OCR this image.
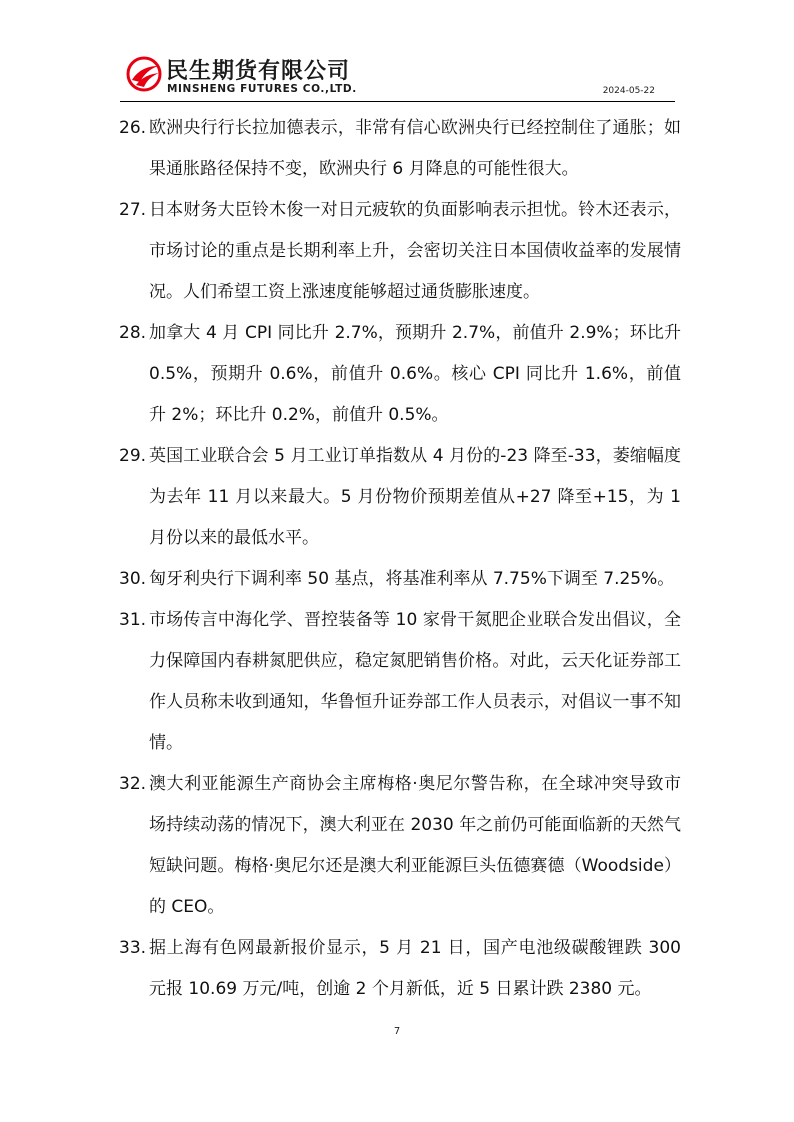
民生期货有限公司
MINSHENG FUTURES CO.,LTD.	2024-05-22
26. 欧洲央行行长拉加德表示，非常有信心欧洲央行已经控制住了通胀；如果通胀路径保持不变，欧洲央行 6 月降息的可能性很大。
27. 日本财务大臣铃木俊一对日元疲软的负面影响表示担忧。铃木还表示，市场讨论的重点是长期利率上升，会密切关注日本国债收益率的发展情况。人们希望工资上涨速度能够超过通货膨胀速度。
28. 加拿大 4 月 CPI 同比升 2.7%，预期升 2.7%，前值升 2.9%；环比升 0.5%，预期升 0.6%，前值升 0.6%。核心 CPI 同比升 1.6%，前值升 2%；环比升 0.2%，前值升 0.5%。
29. 英国工业联合会 5 月工业订单指数从 4 月份的-23 降至-33，萎缩幅度为去年 11 月以来最大。5 月份物价预期差值从+27 降至+15，为 1 月份以来的最低水平。
30. 匈牙利央行下调利率 50 基点，将基准利率从 7.75%下调至 7.25%。
31. 市场传言中海化学、晋控装备等 10 家骨干氮肥企业联合发出倡议，全力保障国内春耕氮肥供应，稳定氮肥销售价格。对此，云天化证券部工作人员称未收到通知，华鲁恒升证券部工作人员表示，对倡议一事不知情。
32. 澳大利亚能源生产商协会主席梅格·奥尼尔警告称，在全球冲突导致市场持续动荡的情况下，澳大利亚在 2030 年之前仍可能面临新的天然气短缺问题。梅格·奥尼尔还是澳大利亚能源巨头伍德赛德（Woodside）的 CEO。
33. 据上海有色网最新报价显示，5 月 21 日，国产电池级碳酸锂跌 300 元报 10.69 万元/吨，创逾 2 个月新低，近 5 日累计跌 2380 元。
7
